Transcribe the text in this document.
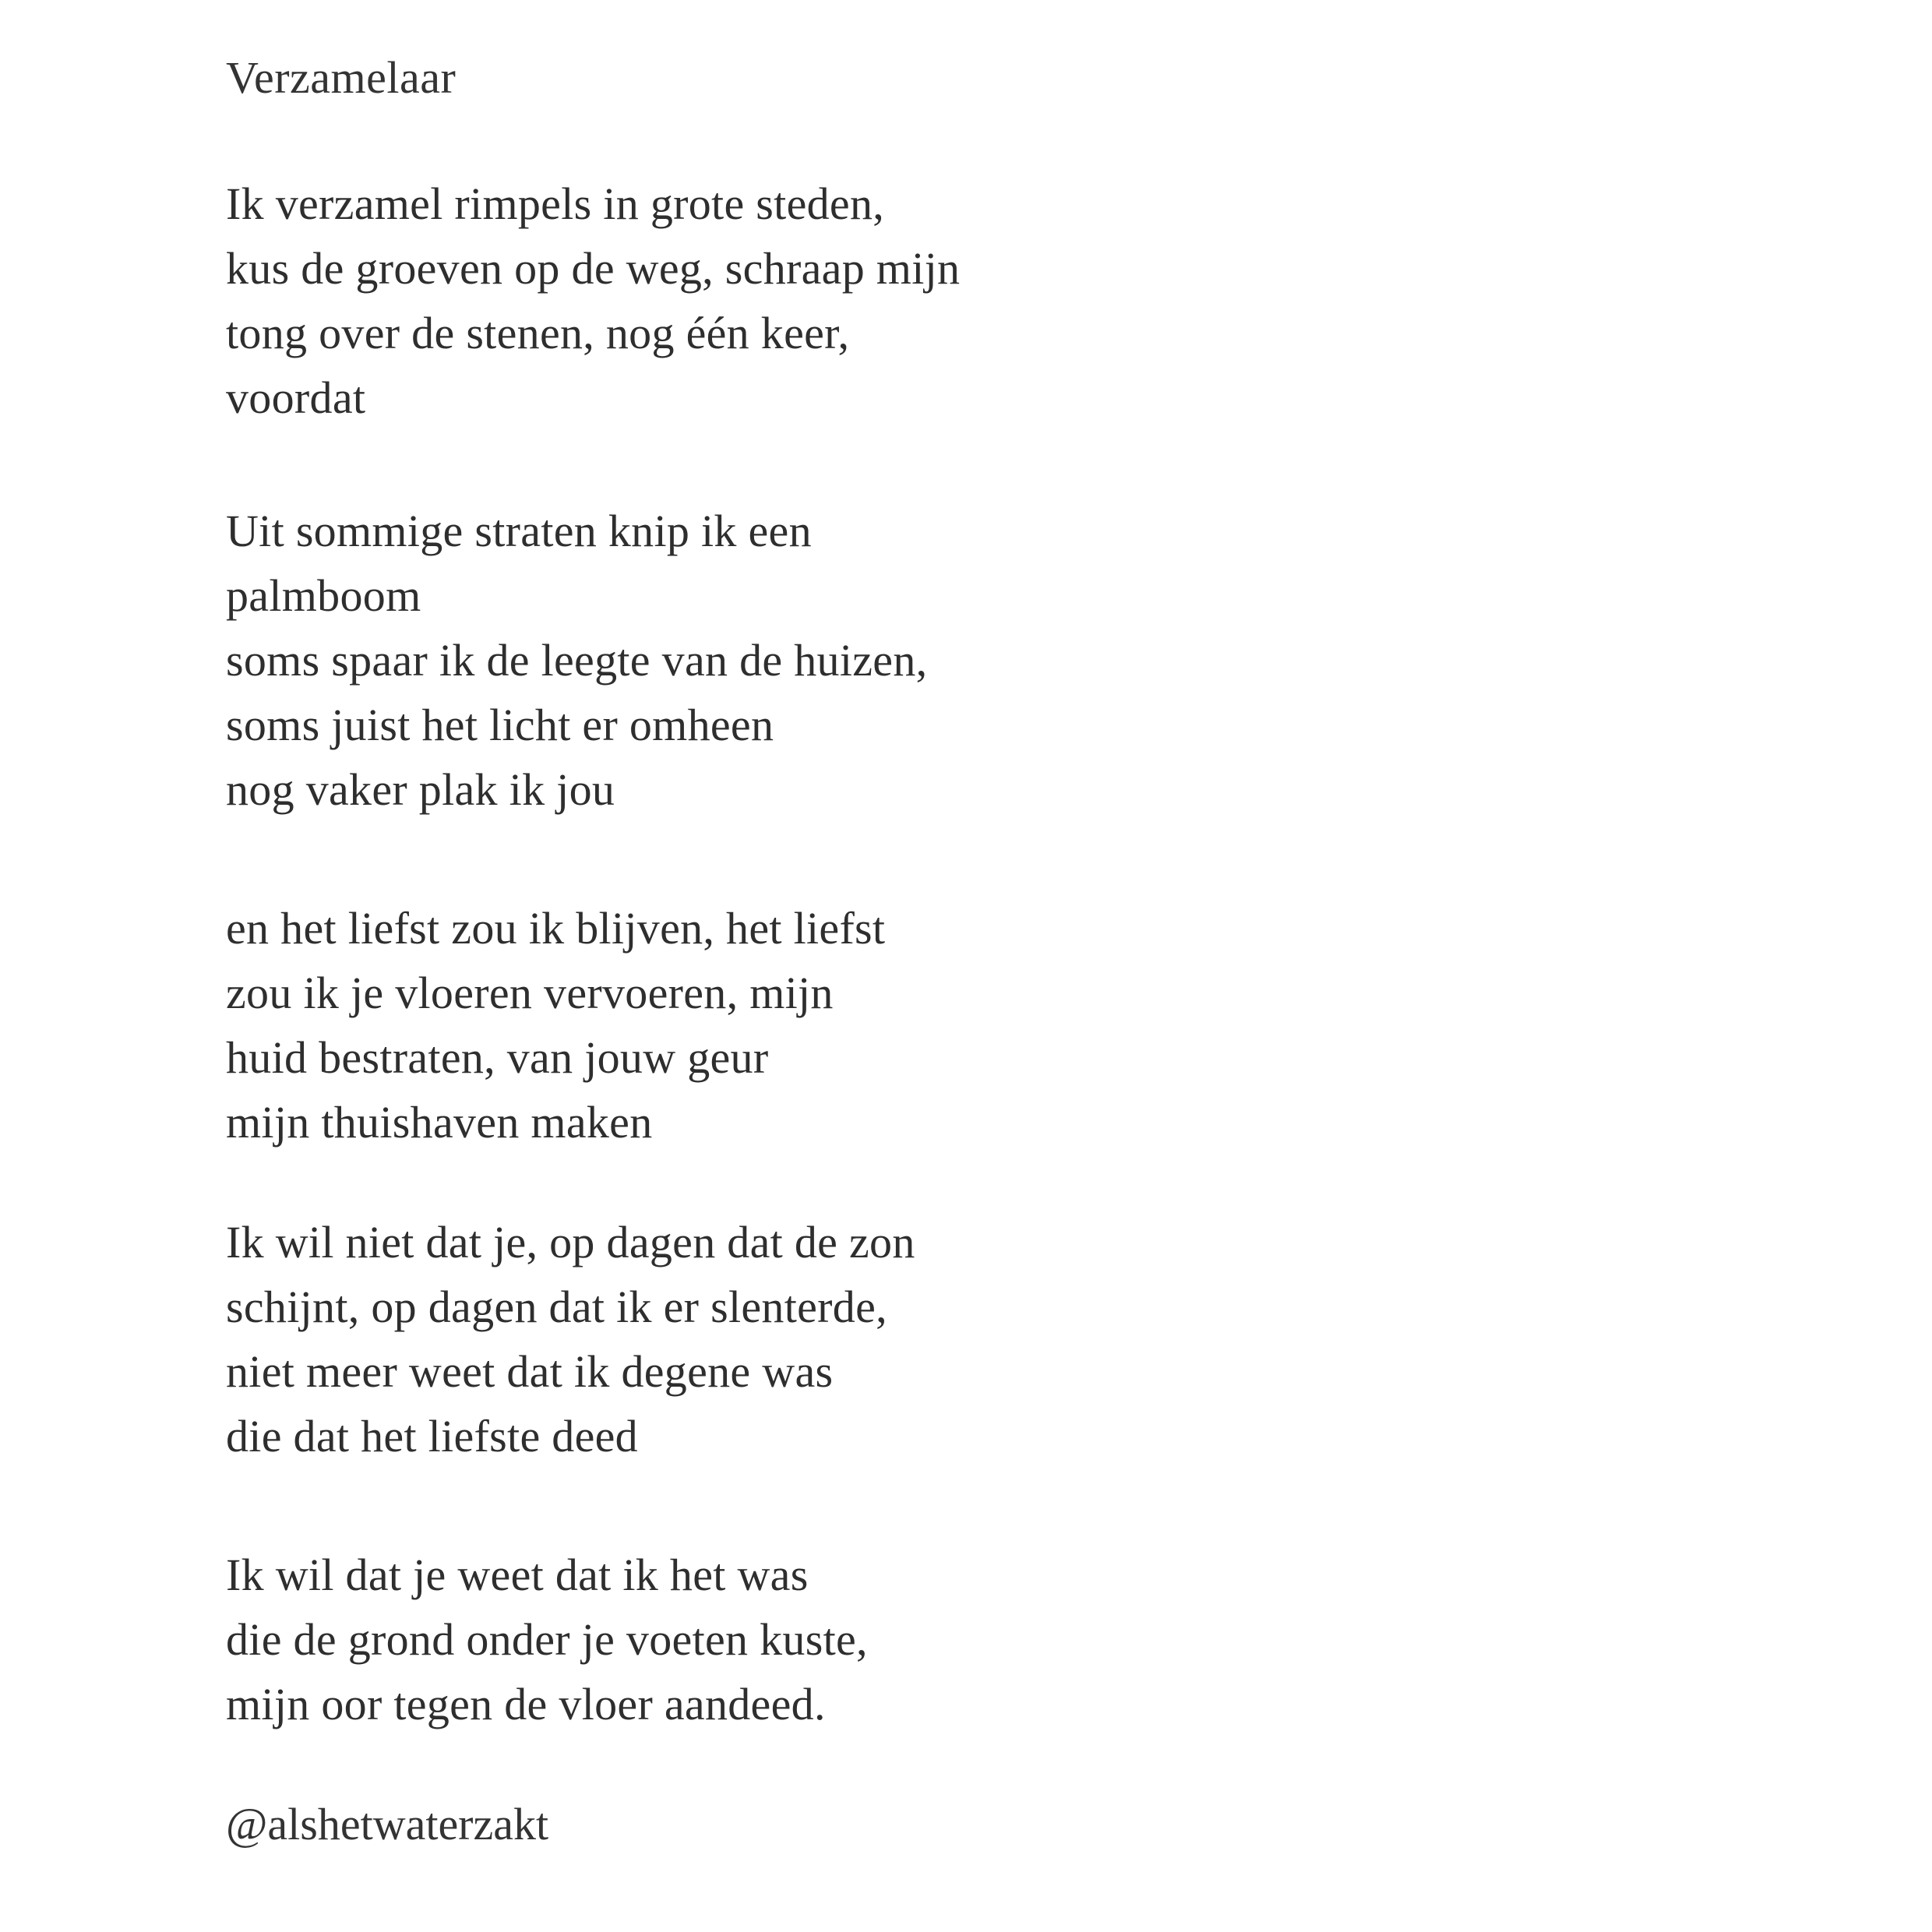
Verzamelaar
Ik verzamel rimpels in grote steden,
kus de groeven op de weg, schraap mijn
tong over de stenen, nog één keer,
voordat
Uit sommige straten knip ik een
palmboom
soms spaar ik de leegte van de huizen,
soms juist het licht er omheen
nog vaker plak ik jou
en het liefst zou ik blijven, het liefst
zou ik je vloeren vervoeren, mijn
huid bestraten, van jouw geur
mijn thuishaven maken
Ik wil niet dat je, op dagen dat de zon
schijnt, op dagen dat ik er slenterde,
niet meer weet dat ik degene was
die dat het liefste deed
Ik wil dat je weet dat ik het was
die de grond onder je voeten kuste,
mijn oor tegen de vloer aandeed.
@alshetwaterzakt
